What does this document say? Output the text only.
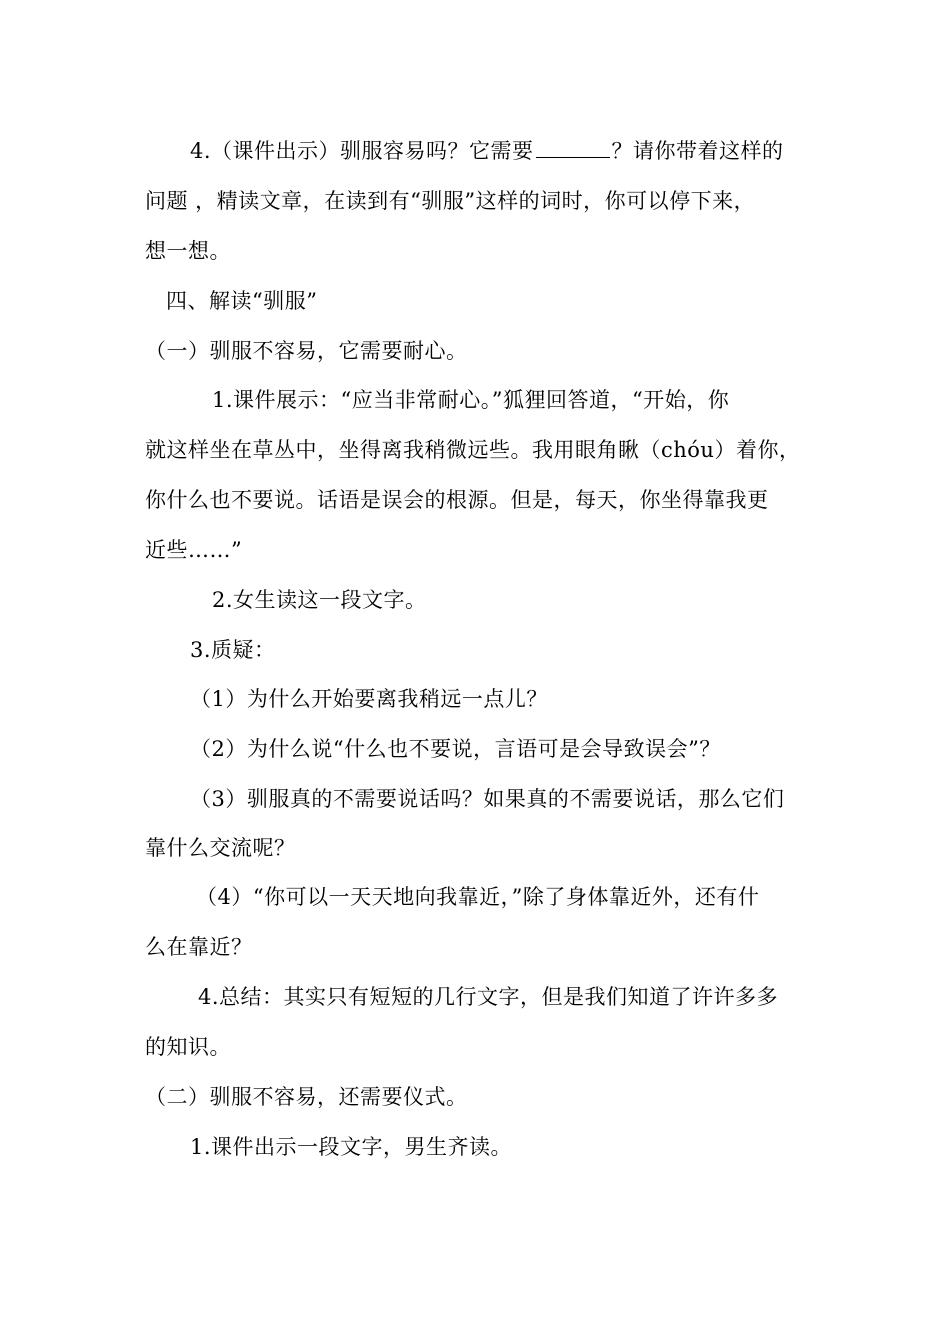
4.（课件出示）驯服容易吗？它需要	？请你带着这样的
问题 ，精读文章，在读到有“驯服”这样的词时，你可以停下来，
想一想。
四、解读“驯服”
（一）驯服不容易，它需要耐心。
1.课件展示：“应当非常耐心。”狐狸回答道，“开始，你
就这样坐在草丛中，坐得离我稍微远些。我用眼角瞅（chóu）着你，
你什么也不要说。话语是误会的根源。但是，每天，你坐得靠我更
近些……”
2.女生读这一段文字。
3.质疑：
（1）为什么开始要离我稍远一点儿？
（2）为什么说“什么也不要说，言语可是会导致误会”？
（3）驯服真的不需要说话吗？如果真的不需要说话，那么它们
靠什么交流呢？
（4）“你可以一天天地向我靠近，”除了身体靠近外，还有什
么在靠近？
4.总结：其实只有短短的几行文字，但是我们知道了许许多多
的知识。
（二）驯服不容易，还需要仪式。
1.课件出示一段文字，男生齐读。
